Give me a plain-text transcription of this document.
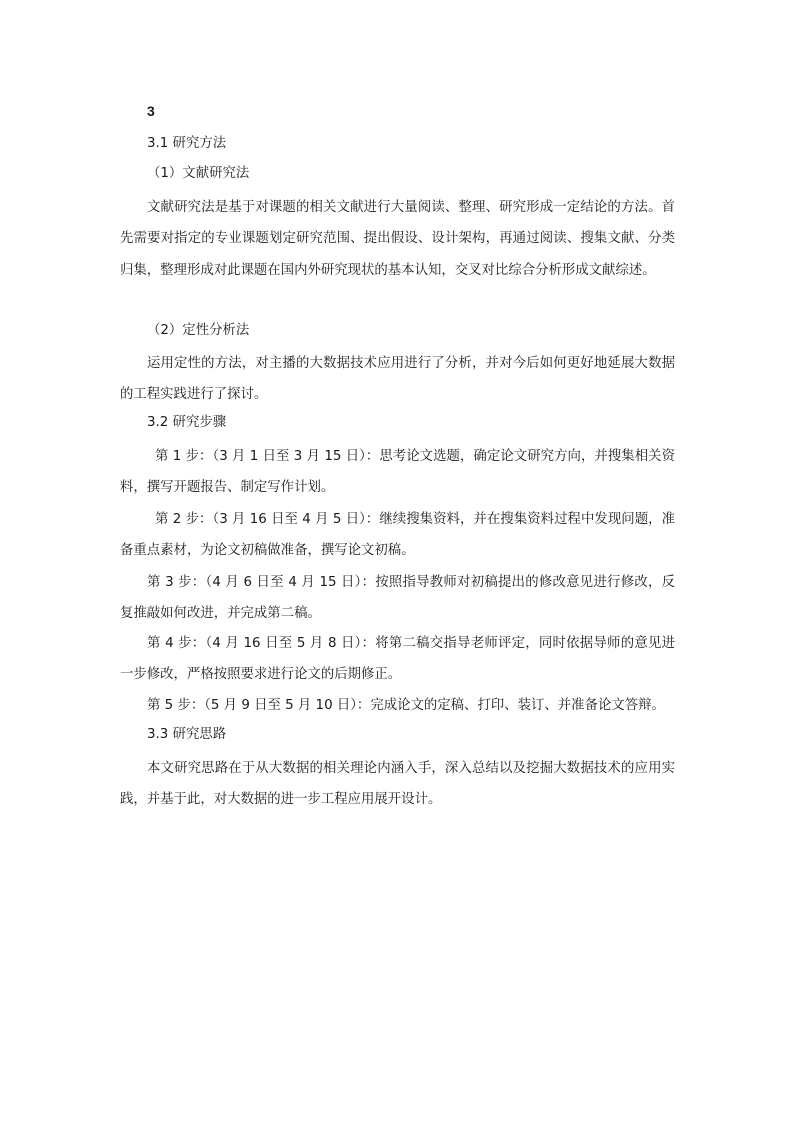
3
3.1 研究方法
（1）文献研究法

文献研究法是基于对课题的相关文献进行大量阅读、整理、研究形成一定结论的方法。首先需要对指定的专业课题划定研究范围、提出假设、设计架构，再通过阅读、搜集文献、分类归集，整理形成对此课题在国内外研究现状的基本认知，交叉对比综合分析形成文献综述。

（2）定性分析法

运用定性的方法，对主播的大数据技术应用进行了分析，并对今后如何更好地延展大数据的工程实践进行了探讨。

3.2 研究步骤

第 1 步：（3 月 1 日至 3 月 15 日）：思考论文选题，确定论文研究方向，并搜集相关资料，撰写开题报告、制定写作计划。

第 2 步：（3 月 16 日至 4 月 5 日）：继续搜集资料，并在搜集资料过程中发现问题，准备重点素材，为论文初稿做准备，撰写论文初稿。

第 3 步：（4 月 6 日至 4 月 15 日）：按照指导教师对初稿提出的修改意见进行修改，反复推敲如何改进，并完成第二稿。

第 4 步：（4 月 16 日至 5 月 8 日）：将第二稿交指导老师评定，同时依据导师的意见进一步修改，严格按照要求进行论文的后期修正。

第 5 步：（5 月 9 日至 5 月 10 日）：完成论文的定稿、打印、装订、并准备论文答辩。

3.3 研究思路

本文研究思路在于从大数据的相关理论内涵入手，深入总结以及挖掘大数据技术的应用实践，并基于此，对大数据的进一步工程应用展开设计。
